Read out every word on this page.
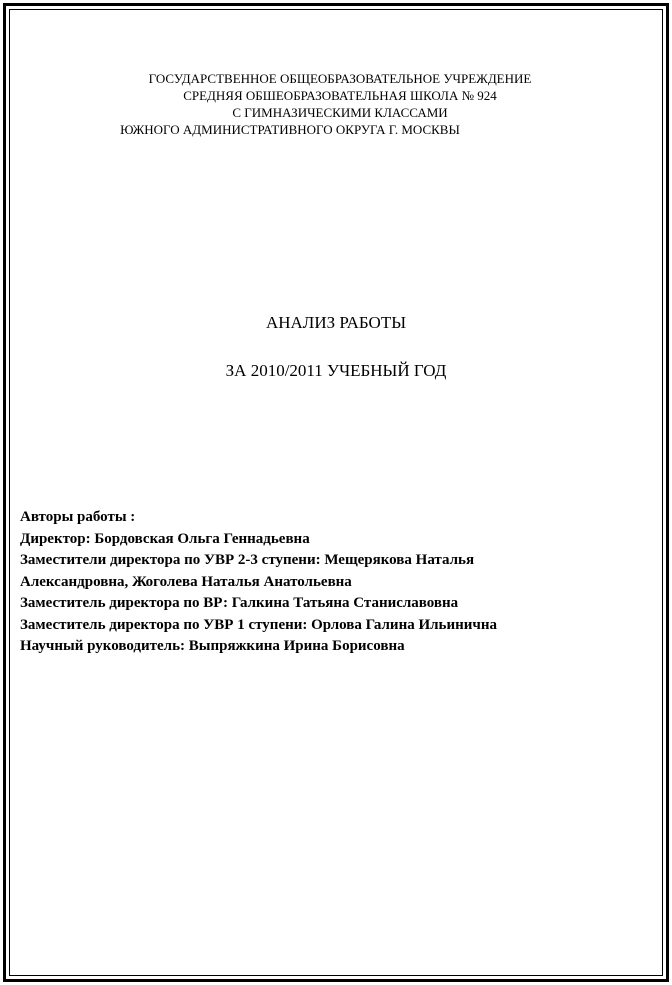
ГОСУДАРСТВЕННОЕ ОБЩЕОБРАЗОВАТЕЛЬНОЕ УЧРЕЖДЕНИЕ
СРЕДНЯЯ ОБШЕОБРАЗОВАТЕЛЬНАЯ ШКОЛА № 924
С ГИМНАЗИЧЕСКИМИ КЛАССАМИ
ЮЖНОГО АДМИНИСТРАТИВНОГО ОКРУГА Г. МОСКВЫ
АНАЛИЗ РАБОТЫ
ЗА 2010/2011 УЧЕБНЫЙ ГОД
Авторы работы :
Директор: Бордовская Ольга Геннадьевна
Заместители директора по УВР 2-3 ступени: Мещерякова Наталья
Александровна, Жоголева Наталья Анатольевна
Заместитель директора по ВР: Галкина Татьяна Станиславовна
Заместитель директора по УВР 1 ступени: Орлова Галина Ильинична
Научный руководитель: Выпряжкина Ирина Борисовна
